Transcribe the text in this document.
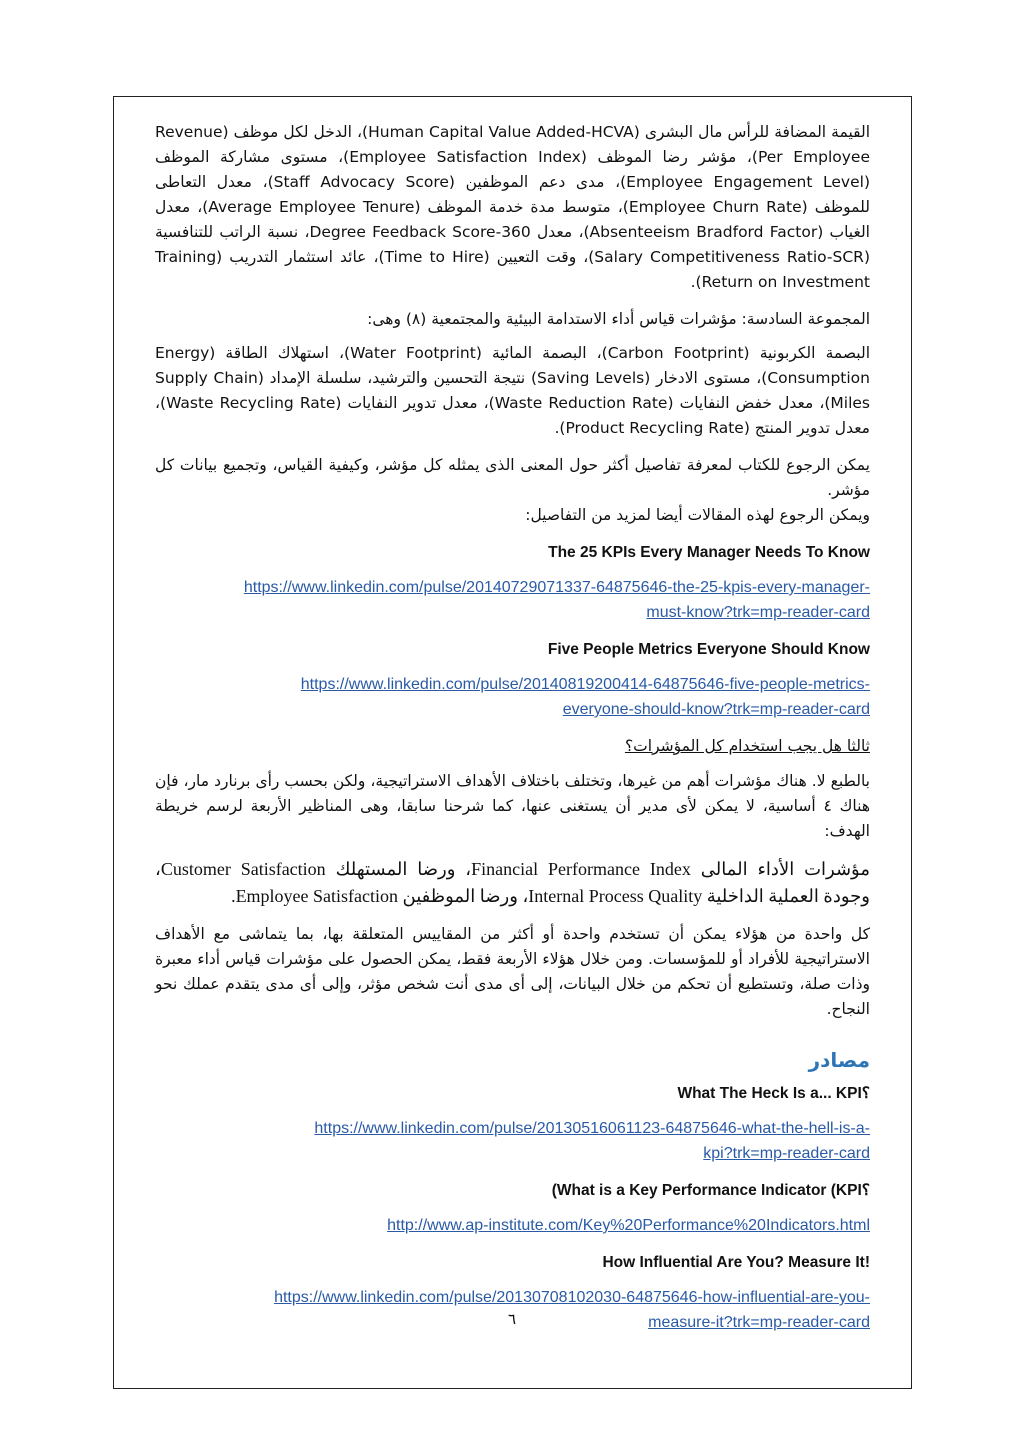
القيمة المضافة للرأس مال البشرى (Human Capital Value Added-HCVA)، الدخل لكل موظف (Revenue Per Employee)، مؤشر رضا الموظف (Employee Satisfaction Index)، مستوى مشاركة الموظف (Employee Engagement Level)، مدى دعم الموظفين (Staff Advocacy Score)، معدل التعاطى للموظف (Employee Churn Rate)، متوسط مدة خدمة الموظف (Average Employee Tenure)، معدل الغياب (Absenteeism Bradford Factor)، معدل 360-Degree Feedback Score، نسبة الراتب للتنافسية (Salary Competitiveness Ratio-SCR)، وقت التعيين (Time to Hire)، عائد استثمار التدريب (Training Return on Investment).

المجموعة السادسة: مؤشرات قياس أداء الاستدامة البيئية والمجتمعية (٨) وهى:

البصمة الكربونية (Carbon Footprint)، البصمة المائية (Water Footprint)، استهلاك الطاقة (Energy Consumption)، مستوى الادخار (Saving Levels) نتيجة التحسين والترشيد، سلسلة الإمداد (Supply Chain Miles)، معدل خفض النفايات (Waste Reduction Rate)، معدل تدوير النفايات (Waste Recycling Rate)، معدل تدوير المنتج (Product Recycling Rate).

يمكن الرجوع للكتاب لمعرفة تفاصيل أكثر حول المعنى الذى يمثله كل مؤشر، وكيفية القياس، وتجميع بيانات كل مؤشر.
ويمكن الرجوع لهذه المقالات أيضا لمزيد من التفاصيل:
The 25 KPIs Every Manager Needs To Know
https://www.linkedin.com/pulse/20140729071337-64875646-the-25-kpis-every-manager-
must-know?trk=mp-reader-card
Five People Metrics Everyone Should Know
https://www.linkedin.com/pulse/20140819200414-64875646-five-people-metrics-
everyone-should-know?trk=mp-reader-card
ثالثا هل يجب استخدام كل المؤشرات؟

بالطبع لا. هناك مؤشرات أهم من غيرها، وتختلف باختلاف الأهداف الاستراتيجية، ولكن بحسب رأى برنارد مار، فإن هناك ٤ أساسية، لا يمكن لأى مدير أن يستغنى عنها، كما شرحنا سابقا، وهى المناظير الأربعة لرسم خريطة الهدف:

مؤشرات الأداء المالى Financial Performance Index، ورضا المستهلك Customer Satisfaction، وجودة العملية الداخلية Internal Process Quality، ورضا الموظفين Employee Satisfaction.

كل واحدة من هؤلاء يمكن أن تستخدم واحدة أو أكثر من المقاييس المتعلقة بها، بما يتماشى مع الأهداف الاستراتيجية للأفراد أو للمؤسسات. ومن خلال هؤلاء الأربعة فقط، يمكن الحصول على مؤشرات قياس أداء معبرة وذات صلة، وتستطيع أن تحكم من خلال البيانات، إلى أى مدى أنت شخص مؤثر، وإلى أى مدى يتقدم عملك نحو النجاح.

مصادر
What The Heck Is a... KPI؟
https://www.linkedin.com/pulse/20130516061123-64875646-what-the-hell-is-a-
kpi?trk=mp-reader-card
(What is a Key Performance Indicator (KPI؟
http://www.ap-institute.com/Key%20Performance%20Indicators.html
How Influential Are You? Measure It!
https://www.linkedin.com/pulse/20130708102030-64875646-how-influential-are-you-
measure-it?trk=mp-reader-card
٦
